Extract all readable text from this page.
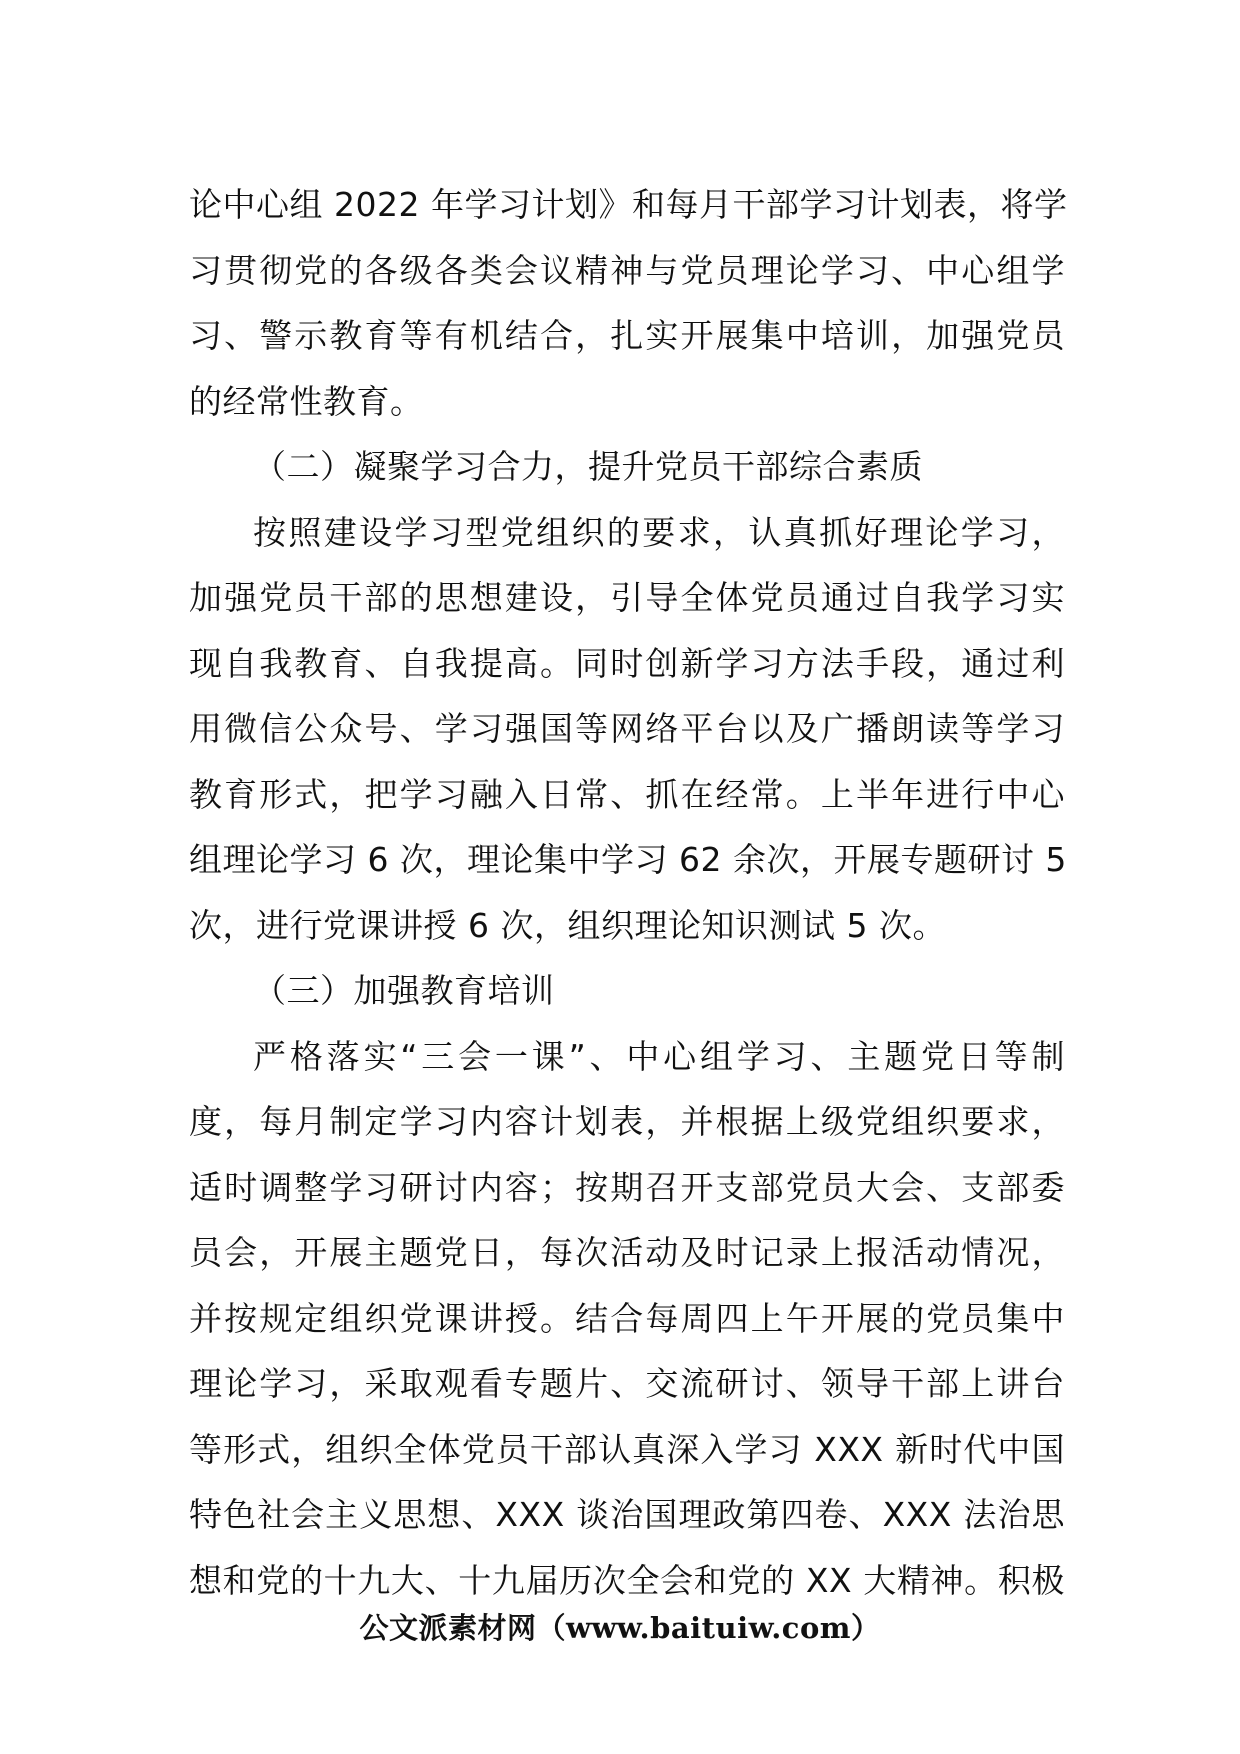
论中心组 2022 年学习计划》和每月干部学习计划表，将学
习贯彻党的各级各类会议精神与党员理论学习、中心组学
习、警示教育等有机结合，扎实开展集中培训，加强党员
的经常性教育。
（二）凝聚学习合力，提升党员干部综合素质
按照建设学习型党组织的要求，认真抓好理论学习，
加强党员干部的思想建设，引导全体党员通过自我学习实
现自我教育、自我提高。同时创新学习方法手段，通过利
用微信公众号、学习强国等网络平台以及广播朗读等学习
教育形式，把学习融入日常、抓在经常。上半年进行中心
组理论学习 6 次，理论集中学习 62 余次，开展专题研讨 5
次，进行党课讲授 6 次，组织理论知识测试 5 次。
（三）加强教育培训
严格落实“三会一课”、中心组学习、主题党日等制
度，每月制定学习内容计划表，并根据上级党组织要求，
适时调整学习研讨内容；按期召开支部党员大会、支部委
员会，开展主题党日，每次活动及时记录上报活动情况，
并按规定组织党课讲授。结合每周四上午开展的党员集中
理论学习，采取观看专题片、交流研讨、领导干部上讲台
等形式，组织全体党员干部认真深入学习 XXX 新时代中国
特色社会主义思想、XXX 谈治国理政第四卷、XXX 法治思
想和党的十九大、十九届历次全会和党的 XX 大精神。积极
公文派素材网（www.baituiw.com）
